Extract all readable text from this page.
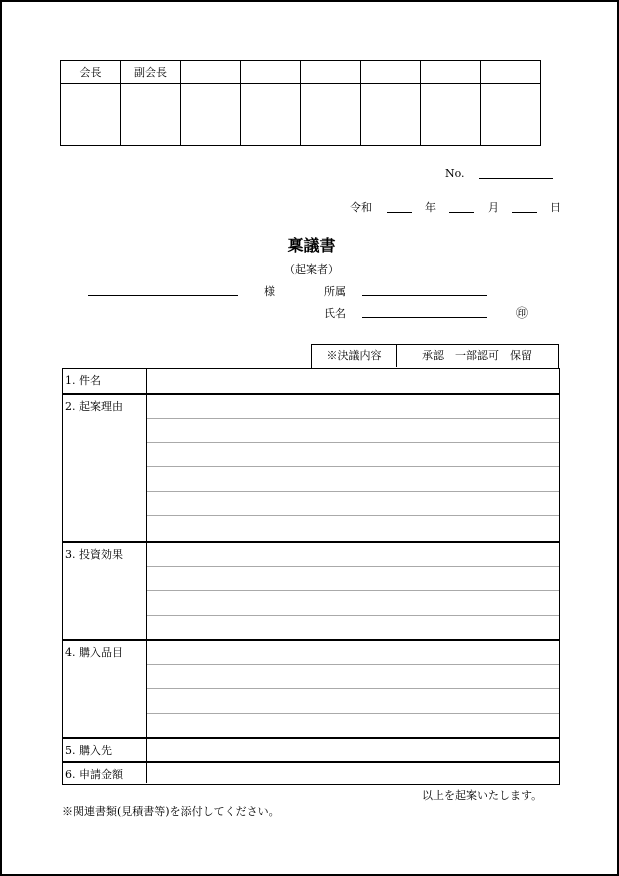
会長	副会長						

No.
令和	年	月	日
稟議書
（起案者）
様	所属
氏名	㊞
※決議内容	承認　一部認可　保留
1. 件名
2. 起案理由
3. 投資効果
4. 購入品目
5. 購入先
6. 申請金額
以上を起案いたします。
※関連書類(見積書等)を添付してください。
